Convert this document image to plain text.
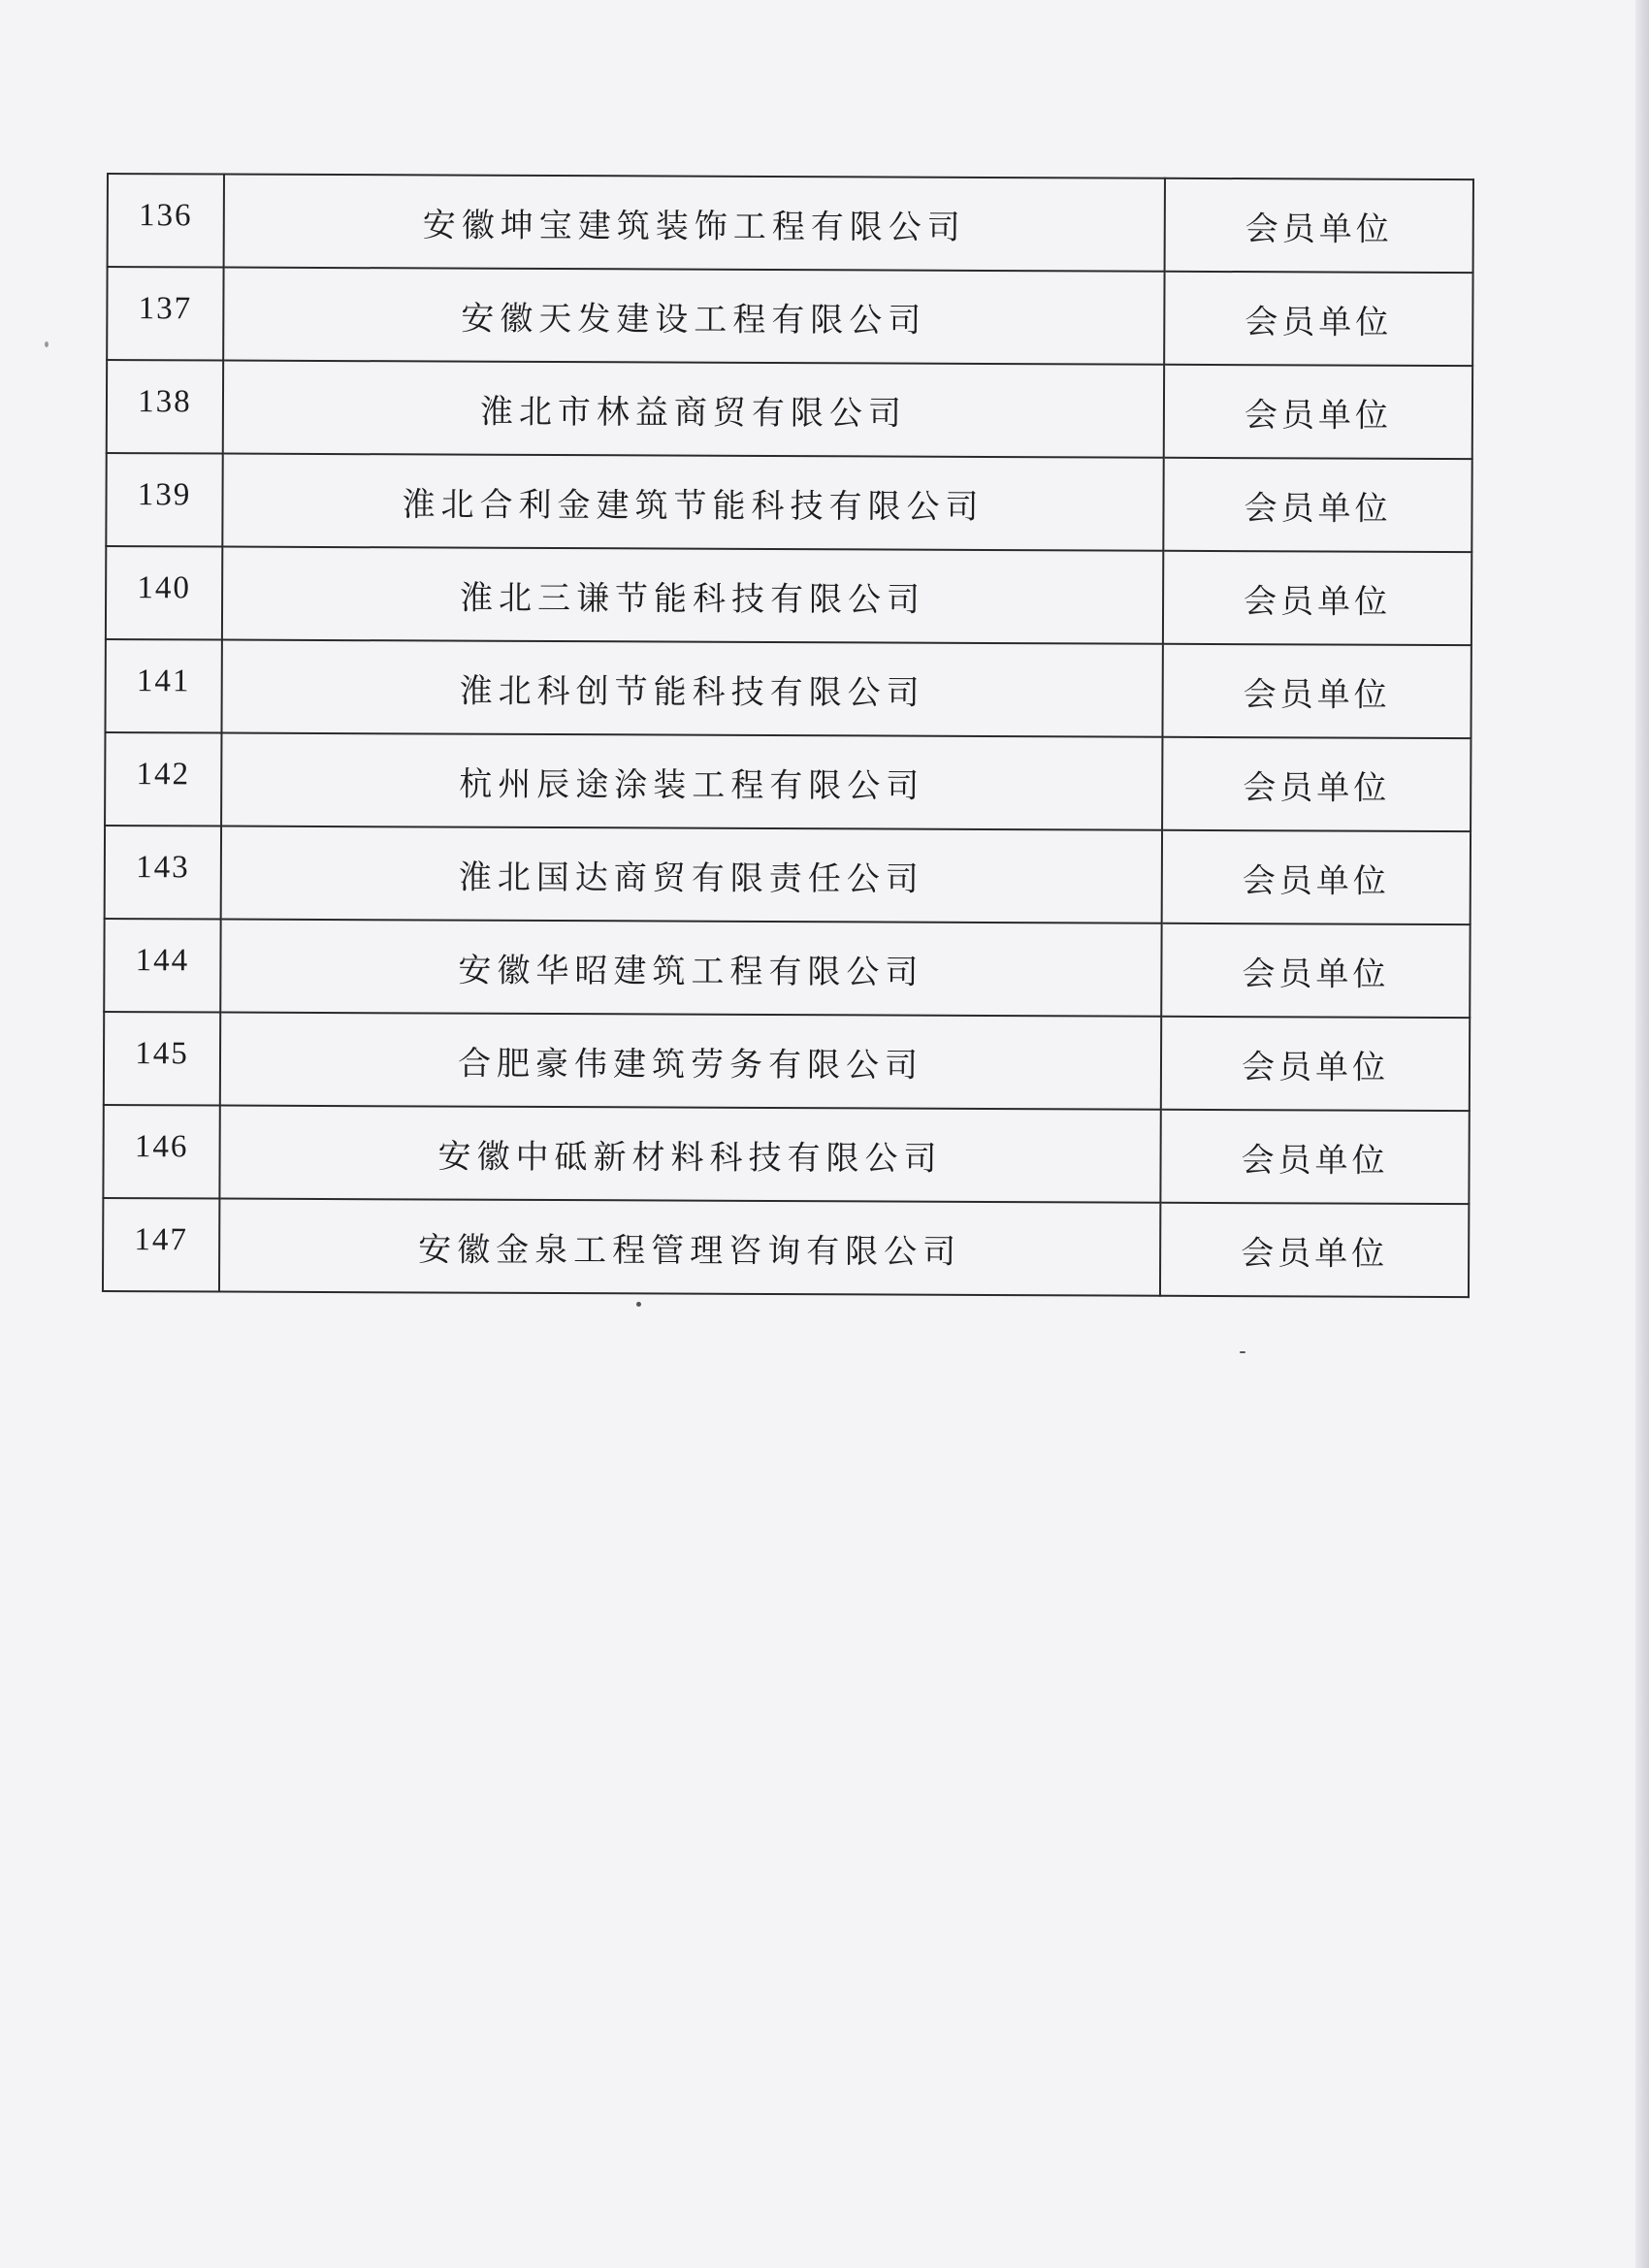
136	安徽坤宝建筑装饰工程有限公司	会员单位
137	安徽天发建设工程有限公司	会员单位
138	淮北市林益商贸有限公司	会员单位
139	淮北合利金建筑节能科技有限公司	会员单位
140	淮北三谦节能科技有限公司	会员单位
141	淮北科创节能科技有限公司	会员单位
142	杭州辰途涂装工程有限公司	会员单位
143	淮北国达商贸有限责任公司	会员单位
144	安徽华昭建筑工程有限公司	会员单位
145	合肥豪伟建筑劳务有限公司	会员单位
146	安徽中砥新材料科技有限公司	会员单位
147	安徽金泉工程管理咨询有限公司	会员单位
